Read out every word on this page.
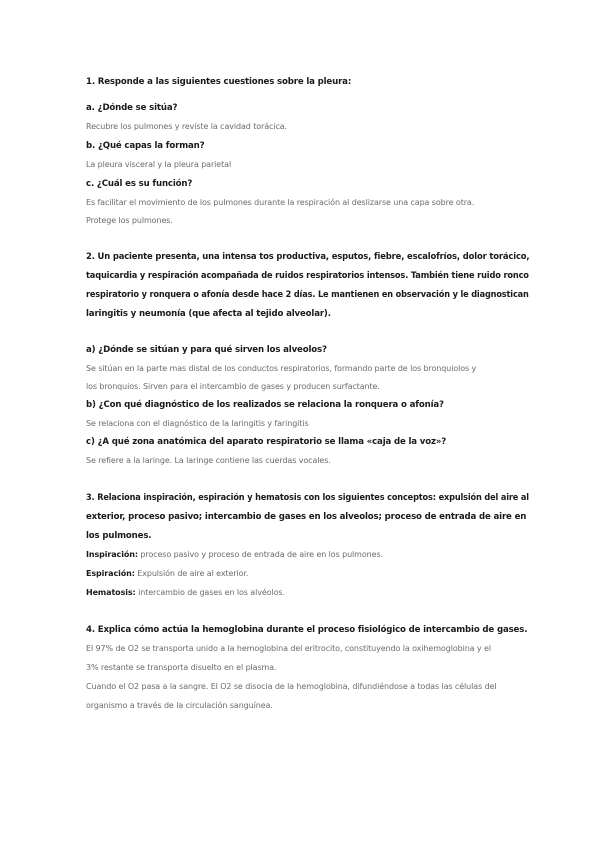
1. Responde a las siguientes cuestiones sobre la pleura:
a. ¿Dónde se sitúa?
Recubre los pulmones y reviste la cavidad torácica.
b. ¿Qué capas la forman?
La pleura visceral y la pleura parietal
c. ¿Cuál es su función?
Es facilitar el movimiento de los pulmones durante la respiración al deslizarse una capa sobre otra.
Protege los pulmones.
2. Un paciente presenta, una intensa tos productiva, esputos, fiebre, escalofríos, dolor torácico,
taquicardia y respiración acompañada de ruidos respiratorios intensos. También tiene ruido ronco
respiratorio y ronquera o afonía desde hace 2 días. Le mantienen en observación y le diagnostican
laringitis y neumonía (que afecta al tejido alveolar).
a) ¿Dónde se sitúan y para qué sirven los alveolos?
Se sitúan en la parte mas distal de los conductos respiratorios, formando parte de los bronquiolos y
los bronquios. Sirven para el intercambio de gases y producen surfactante.
b) ¿Con qué diagnóstico de los realizados se relaciona la ronquera o afonía?
Se relaciona con el diagnóstico de la laringitis y faringitis
c) ¿A qué zona anatómica del aparato respiratorio se llama «caja de la voz»?
Se refiere a la laringe. La laringe contiene las cuerdas vocales.
3. Relaciona inspiración, espiración y hematosis con los siguientes conceptos: expulsión del aire al
exterior, proceso pasivo; intercambio de gases en los alveolos; proceso de entrada de aire en
los pulmones.
Inspiración: proceso pasivo y proceso de entrada de aire en los pulmones.
Espiración: Expulsión de aire al exterior.
Hematosis: intercambio de gases en los alvéolos.
4. Explica cómo actúa la hemoglobina durante el proceso fisiológico de intercambio de gases.
El 97% de O2 se transporta unido a la hemoglobina del eritrocito, constituyendo la oxihemoglobina y el
3% restante se transporta disuelto en el plasma.
Cuando el O2 pasa a la sangre. El O2 se disocia de la hemoglobina, difundiéndose a todas las células del
organismo a través de la circulación sanguínea.
